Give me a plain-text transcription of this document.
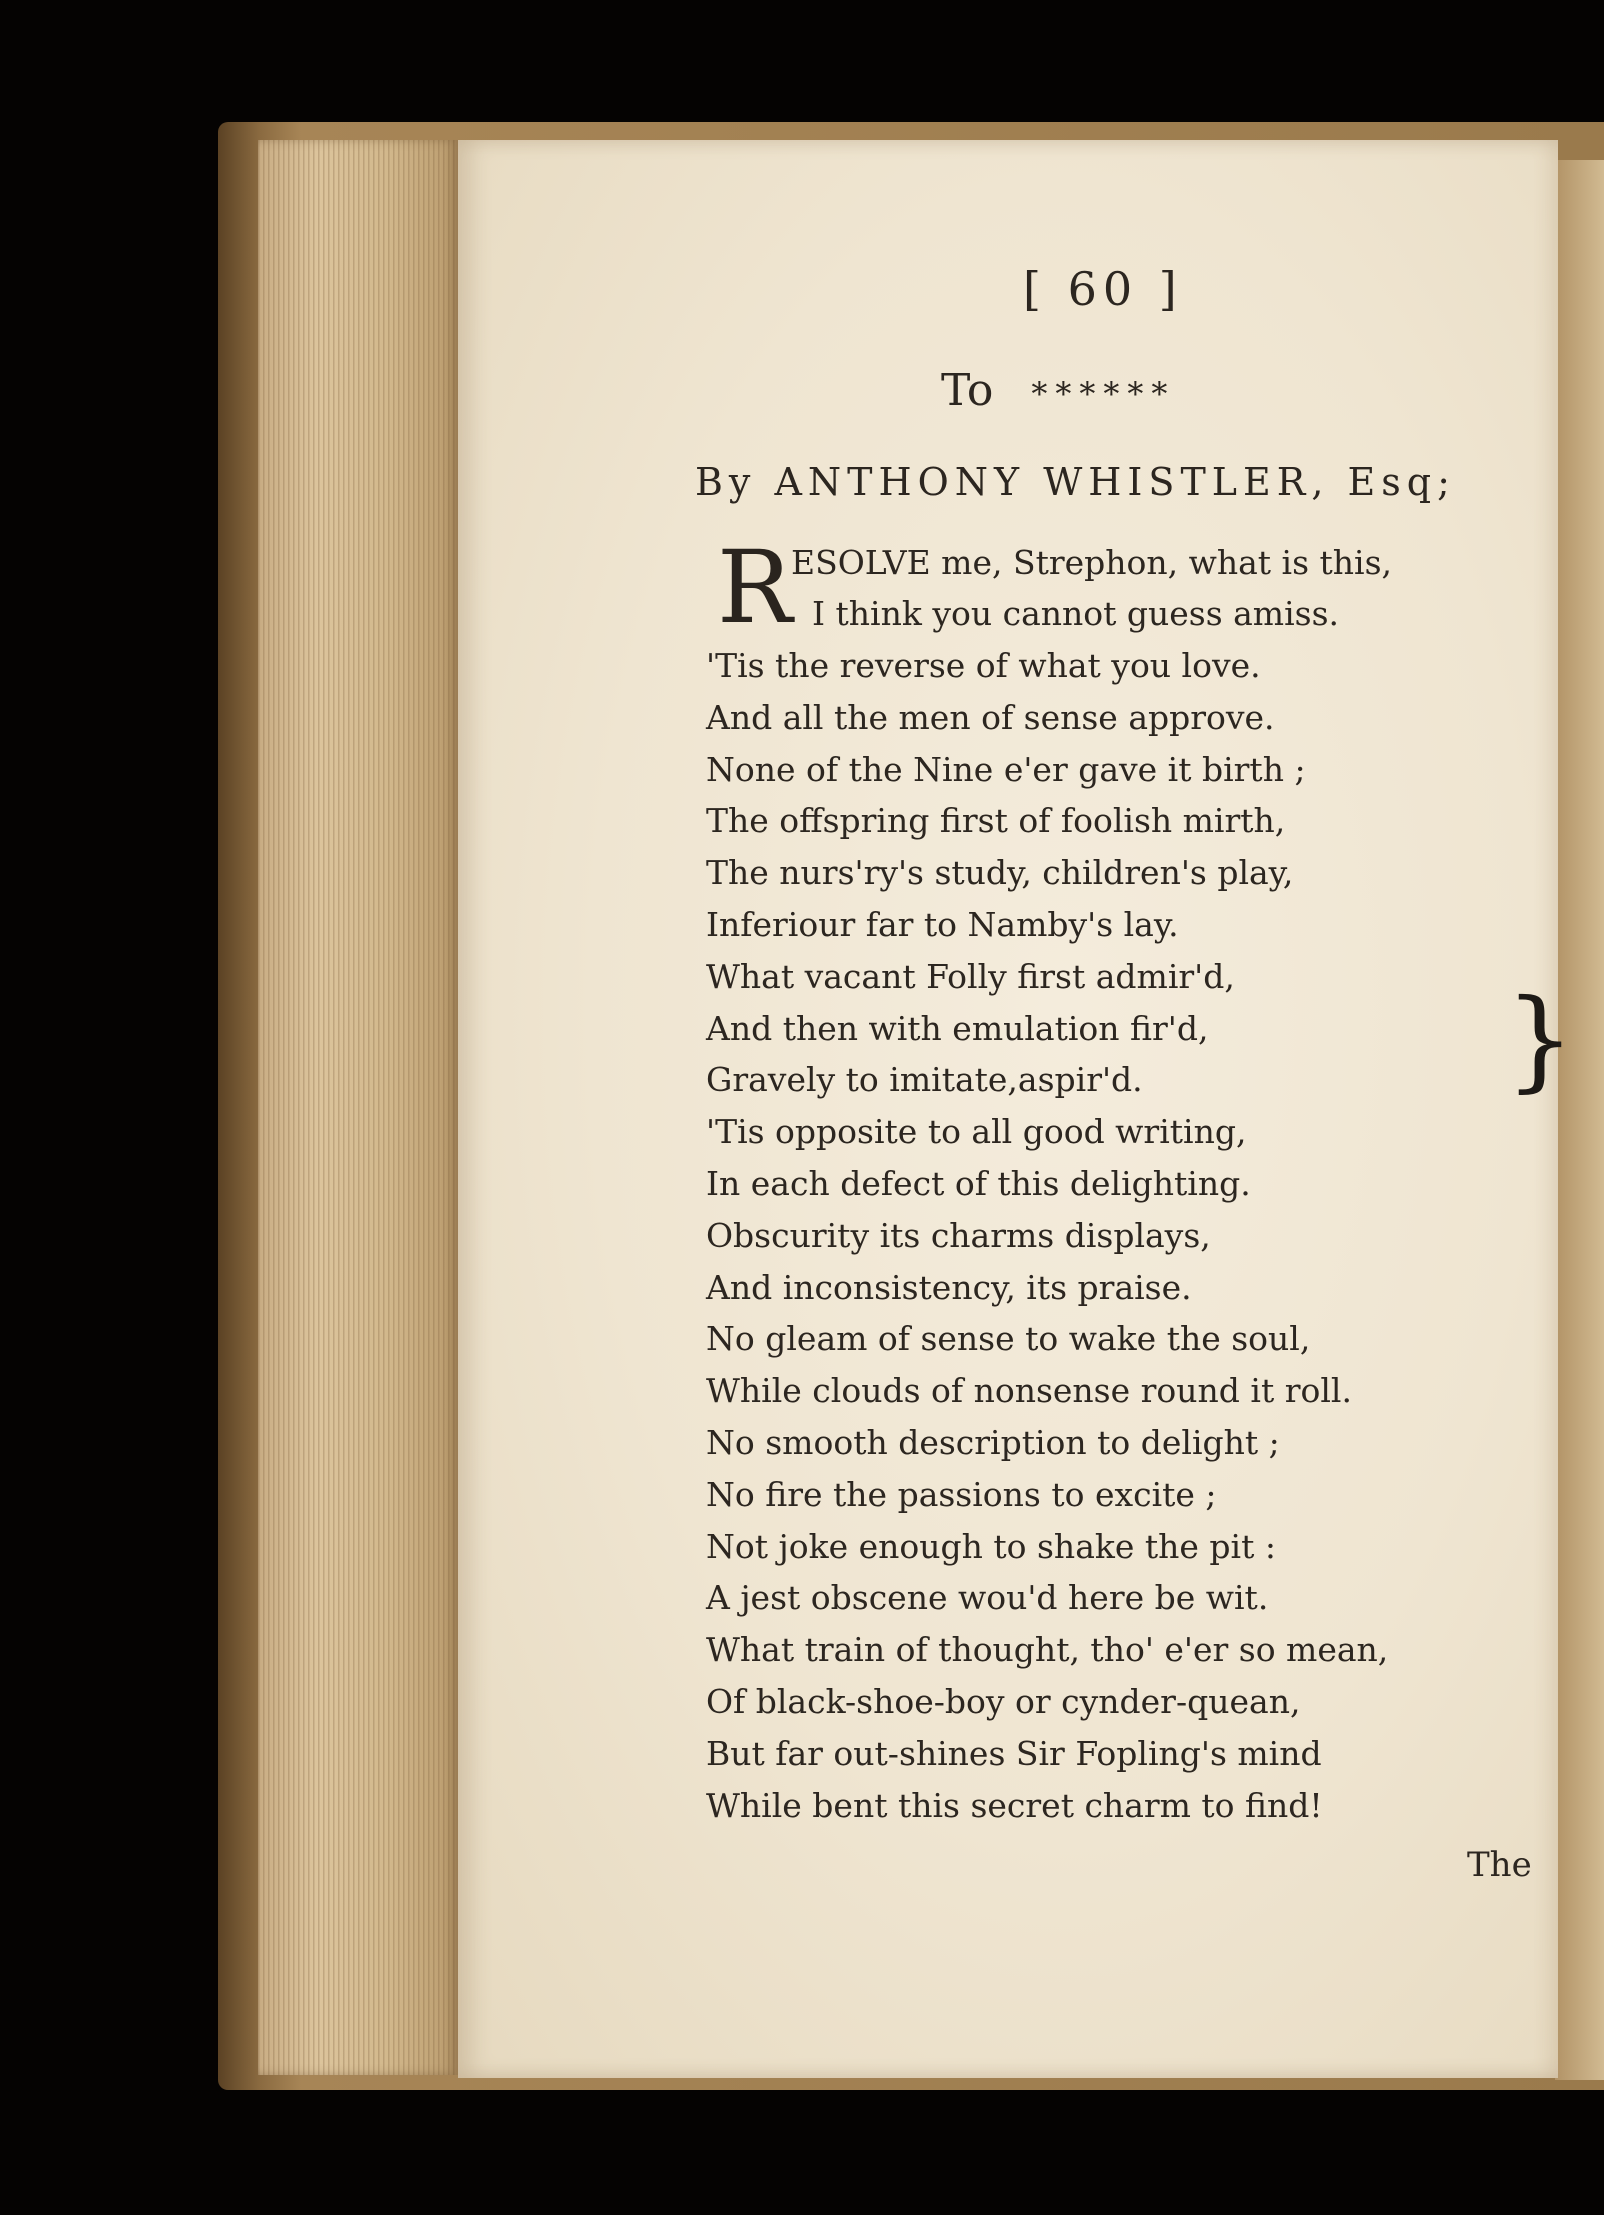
[ 60 ]
To ******
By ANTHONY WHISTLER, Esq;
R
ESOLVE me, Strephon, what is this,
I think you cannot guess amiss.
'Tis the reverse of what you love.
And all the men of sense approve.
None of the Nine e'er gave it birth ;
The offspring first of foolish mirth,
The nurs'ry's study, children's play,
Inferiour far to Namby's lay.
What vacant Folly first admir'd,
And then with emulation fir'd,
Gravely to imitate,aspir'd.
'Tis opposite to all good writing,
In each defect of this delighting.
Obscurity its charms displays,
And inconsistency, its praise.
No gleam of sense to wake the soul,
While clouds of nonsense round it roll.
No smooth description to delight ;
No fire the passions to excite ;
Not joke enough to shake the pit :
A jest obscene wou'd here be wit.
What train of thought, tho' e'er so mean,
Of black-shoe-boy or cynder-quean,
But far out-shines Sir Fopling's mind
While bent this secret charm to find!
}
The
